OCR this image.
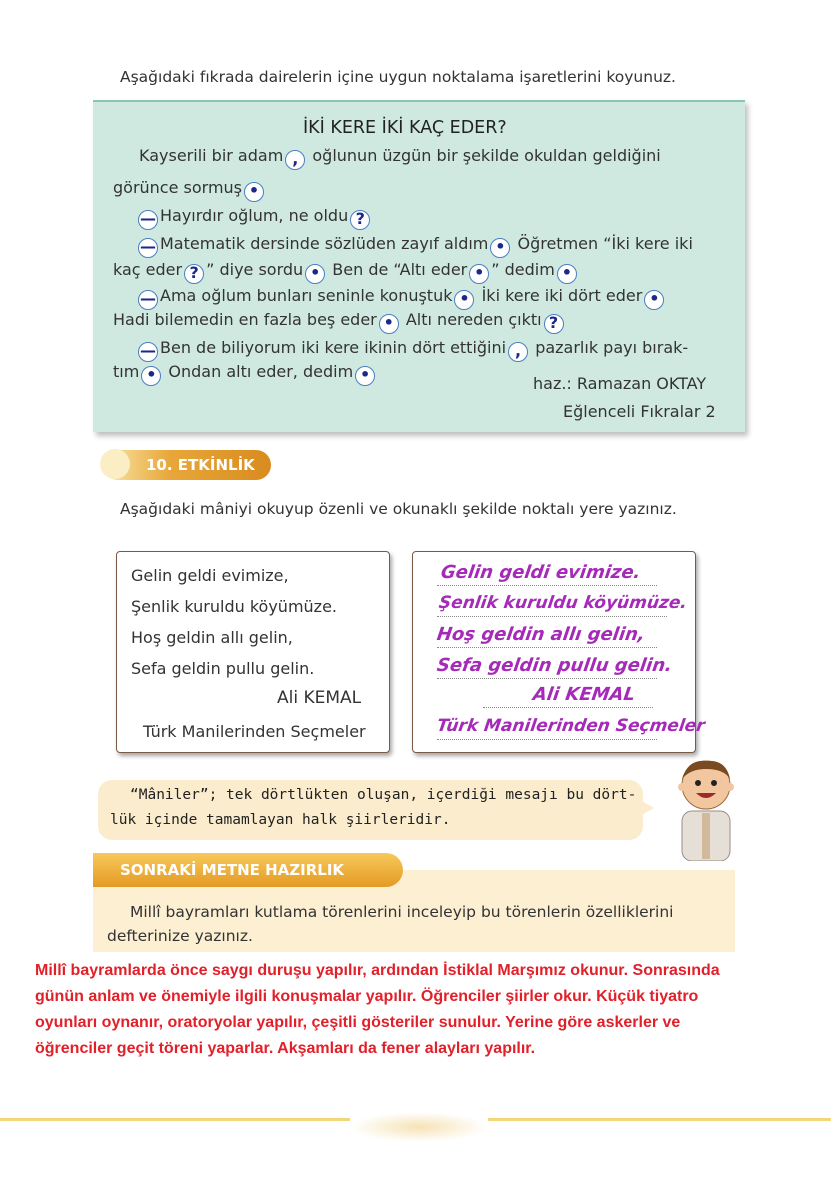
Aşağıdaki fıkrada dairelerin içine uygun noktalama işaretlerini koyunuz.
İKİ KERE İKİ KAÇ EDER?
Kayserili bir adam , oğlunun üzgün bir şekilde okuldan geldiğini
görünce sormuş •
— Hayırdır oğlum, ne oldu ?
— Matematik dersinde sözlüden zayıf aldım • Öğretmen “İki kere iki
kaç eder ? ” diye sordu • Ben de “Altı eder • ” dedim •
— Ama oğlum bunları seninle konuştuk • İki kere iki dört eder •
Hadi bilemedin en fazla beş eder • Altı nereden çıktı ?
— Ben de biliyorum iki kere ikinin dört ettiğini , pazarlık payı bırak-
tım • Ondan altı eder, dedim •	haz.: Ramazan OKTAY
Eğlenceli Fıkralar 2
10. ETKİNLİK
Aşağıdaki mâniyi okuyup özenli ve okunaklı şekilde noktalı yere yazınız.
Gelin geldi evimize,
Şenlik kuruldu köyümüze.
Hoş geldin allı gelin,
Sefa geldin pullu gelin.
Ali KEMAL
Türk Manilerinden Seçmeler
Gelin geldi evimize.
Şenlik kuruldu köyümüze.
Hoş geldin allı gelin,
Sefa geldin pullu gelin.
Ali KEMAL
Türk Manilerinden Seçmeler
“Mâniler”; tek dörtlükten oluşan, içerdiği mesajı bu dört-
lük içinde tamamlayan halk şiirleridir.
SONRAKİ METNE HAZIRLIK
Millî bayramları kutlama törenlerini inceleyip bu törenlerin özelliklerini
defterinize yazınız.
Millî bayramlarda önce saygı duruşu yapılır, ardından İstiklal Marşımız okunur. Sonrasında
günün anlam ve önemiyle ilgili konuşmalar yapılır. Öğrenciler şiirler okur. Küçük tiyatro
oyunları oynanır, oratoryolar yapılır, çeşitli gösteriler sunulur. Yerine göre askerler ve
öğrenciler geçit töreni yaparlar. Akşamları da fener alayları yapılır.
